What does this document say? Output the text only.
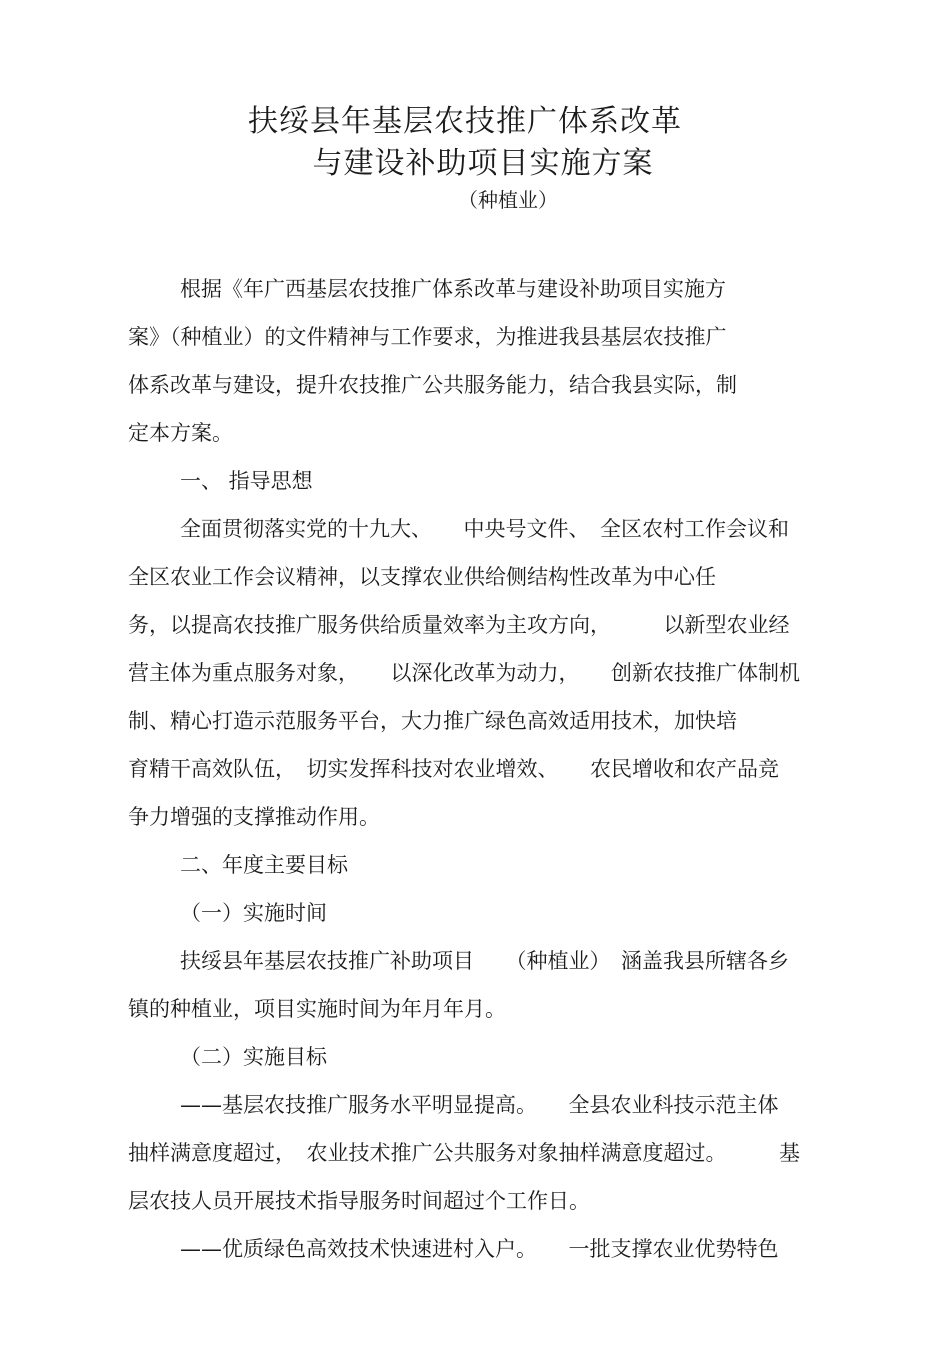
扶绥县年基层农技推广体系改革
与建设补助项目实施方案
（种植业）
根据《年广西基层农技推广体系改革与建设补助项目实施方
案》（种植业）的文件精神与工作要求，为推进我县基层农技推广
体系改革与建设，提升农技推广公共服务能力，结合我县实际，制
定本方案。
一、 指导思想
全面贯彻落实党的十九大、　　中央号文件、　全区农村工作会议和
全区农业工作会议精神，以支撑农业供给侧结构性改革为中心任
务，以提高农技推广服务供给质量效率为主攻方向，　　　以新型农业经
营主体为重点服务对象，　　以深化改革为动力，　　创新农技推广体制机
制、精心打造示范服务平台，大力推广绿色高效适用技术，加快培
育精干高效队伍，　切实发挥科技对农业增效、　　农民增收和农产品竞
争力增强的支撑推动作用。
二、年度主要目标
（一）实施时间
扶绥县年基层农技推广补助项目　　（种植业）　涵盖我县所辖各乡
镇的种植业，项目实施时间为年月年月。
（二）实施目标
——基层农技推广服务水平明显提高。　　全县农业科技示范主体
抽样满意度超过，　农业技术推广公共服务对象抽样满意度超过。　　　基
层农技人员开展技术指导服务时间超过个工作日。
——优质绿色高效技术快速进村入户。　　一批支撑农业优势特色
